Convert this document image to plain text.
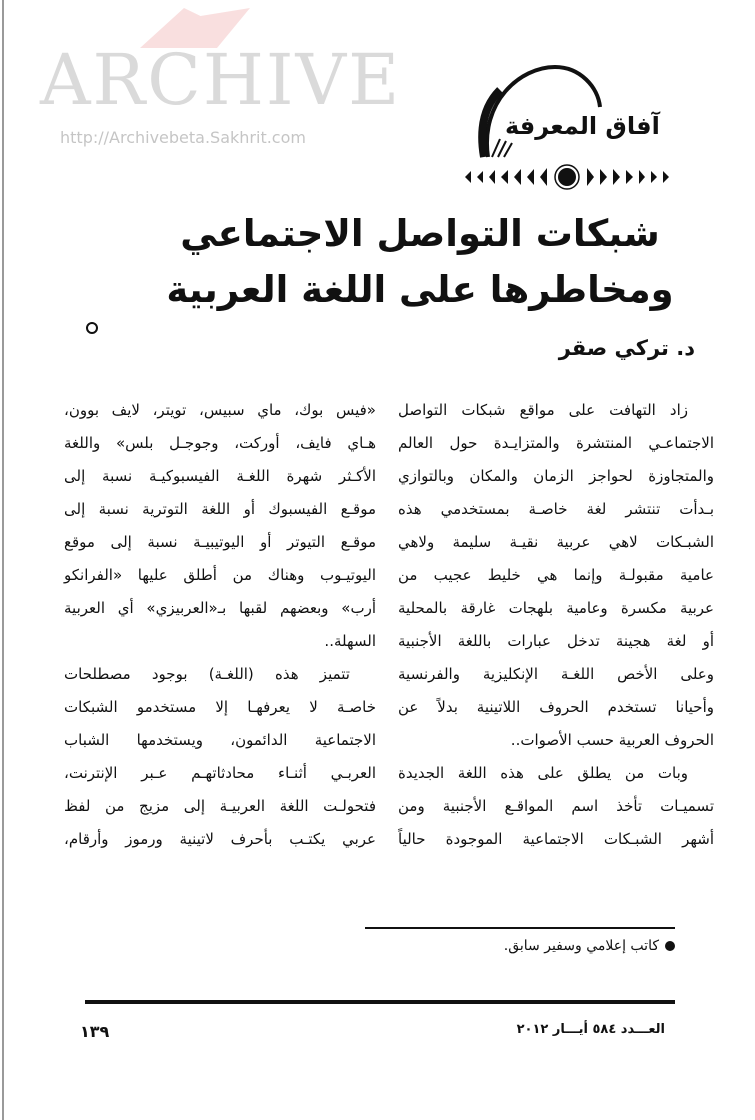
ARCHIVE
http://Archivebeta.Sakhrit.com	آفاق المعرفة
شبكات التواصل الاجتماعي
ومخاطرها على اللغة العربية
د. تركي صقر

زاد التهافت على مواقع شبكات التواصل

الاجتماعـي المنتشرة والمتزايـدة حول العالم

والمتجاوزة لحواجز الزمان والمكان وبالتوازي

بـدأت تنتشر لغة خاصـة بمستخدمي هذه

الشبـكات لاهي عربية نقيـة سليمة ولاهي

عامية مقبولـة وإنما هي خليط عجيب من

عربية مكسرة وعامية بلهجات غارقة بالمحلية

أو لغة هجينة تدخل عبارات باللغة الأجنبية

وعلى الأخص اللغـة الإنكليزية والفرنسية

وأحيانا تستخدم الحروف اللاتينية بدلاً عن

الحروف العربية حسب الأصوات..

وبات من يطلق على هذه اللغة الجديدة

تسميـات تأخذ اسم المواقـع الأجنبية ومن

أشهر الشبـكات الاجتماعية الموجودة حالياً

«فيس بوك، ماي سبيس، تويتر، لايف بوون،

هـاي فايف، أوركت، وجوجـل بلس» واللغة

الأكـثر شهرة اللغـة الفيسبوكيـة نسبة إلى

موقـع الفيسبوك أو اللغة التوترية نسبة إلى

موقـع التيوتر أو اليوتيبيـة نسبة إلى موقع

اليوتيـوب وهناك من أطلق عليها «الفرانكو

أرب» وبعضهم لقبها بـ«العربيزي» أي العربية

السهلة..

تتميز هذه (اللغـة) بوجود مصطلحات

خاصـة لا يعرفهـا إلا مستخدمو الشبكات

الاجتماعية الدائمون، ويستخدمها الشباب

العربـي أثنـاء محادثاتهـم عـبر الإنترنت،

فتحولـت اللغة العربيـة إلى مزيج من لفظ

عربي يكتـب بأحرف لاتينية ورموز وأرقام،

كاتب إعلامي وسفير سابق.
العـــدد ٥٨٤ أيـــار ٢٠١٢
١٣٩
